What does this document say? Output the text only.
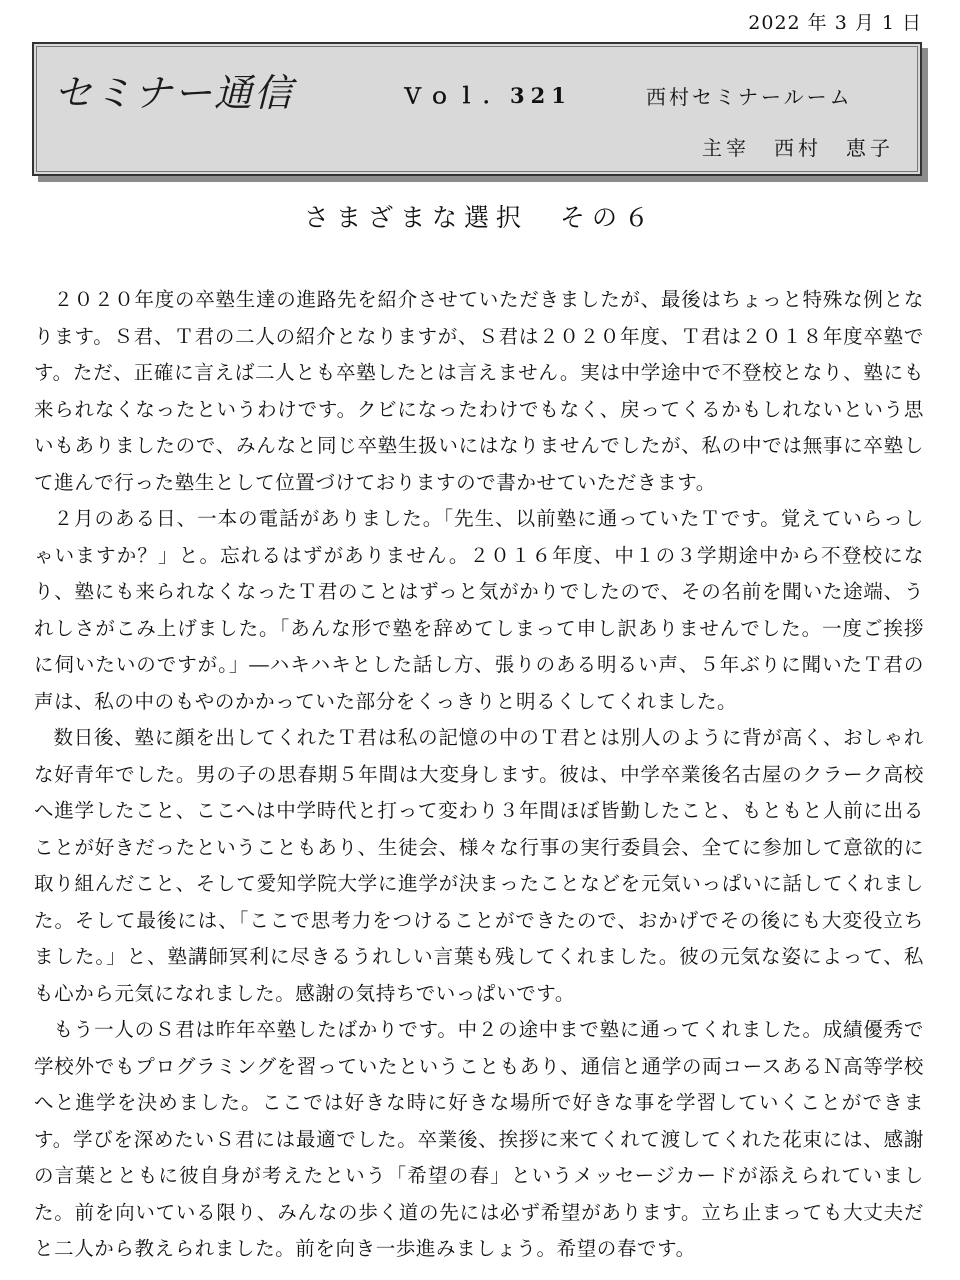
2022 年 3 月 1 日
セミナー通信	Ｖｏｌ．321	西村セミナールーム
主宰　西村　恵子
さまざまな選択　その６

２０２０年度の卒塾生達の進路先を紹介させていただきましたが、最後はちょっと特殊な例となります。Ｓ君、Ｔ君の二人の紹介となりますが、Ｓ君は２０２０年度、Ｔ君は２０１８年度卒塾です。ただ、正確に言えば二人とも卒塾したとは言えません。実は中学途中で不登校となり、塾にも来られなくなったというわけです。クビになったわけでもなく、戻ってくるかもしれないという思いもありましたので、みんなと同じ卒塾生扱いにはなりませんでしたが、私の中では無事に卒塾して進んで行った塾生として位置づけておりますので書かせていただきます。

２月のある日、一本の電話がありました。「先生、以前塾に通っていたＴです。覚えていらっしゃいますか？」と。忘れるはずがありません。２０１６年度、中１の３学期途中から不登校になり、塾にも来られなくなったＴ君のことはずっと気がかりでしたので、その名前を聞いた途端、うれしさがこみ上げました。「あんな形で塾を辞めてしまって申し訳ありませんでした。一度ご挨拶に伺いたいのですが。」―ハキハキとした話し方、張りのある明るい声、５年ぶりに聞いたＴ君の声は、私の中のもやのかかっていた部分をくっきりと明るくしてくれました。

数日後、塾に顔を出してくれたＴ君は私の記憶の中のＴ君とは別人のように背が高く、おしゃれな好青年でした。男の子の思春期５年間は大変身します。彼は、中学卒業後名古屋のクラーク高校へ進学したこと、ここへは中学時代と打って変わり３年間ほぼ皆勤したこと、もともと人前に出ることが好きだったということもあり、生徒会、様々な行事の実行委員会、全てに参加して意欲的に取り組んだこと、そして愛知学院大学に進学が決まったことなどを元気いっぱいに話してくれました。そして最後には、「ここで思考力をつけることができたので、おかげでその後にも大変役立ちました。」と、塾講師冥利に尽きるうれしい言葉も残してくれました。彼の元気な姿によって、私も心から元気になれました。感謝の気持ちでいっぱいです。

もう一人のＳ君は昨年卒塾したばかりです。中２の途中まで塾に通ってくれました。成績優秀で学校外でもプログラミングを習っていたということもあり、通信と通学の両コースあるＮ高等学校へと進学を決めました。ここでは好きな時に好きな場所で好きな事を学習していくことができます。学びを深めたいＳ君には最適でした。卒業後、挨拶に来てくれて渡してくれた花束には、感謝の言葉とともに彼自身が考えたという「希望の春」というメッセージカードが添えられていました。前を向いている限り、みんなの歩く道の先には必ず希望があります。立ち止まっても大丈夫だと二人から教えられました。前を向き一歩進みましょう。希望の春です。
